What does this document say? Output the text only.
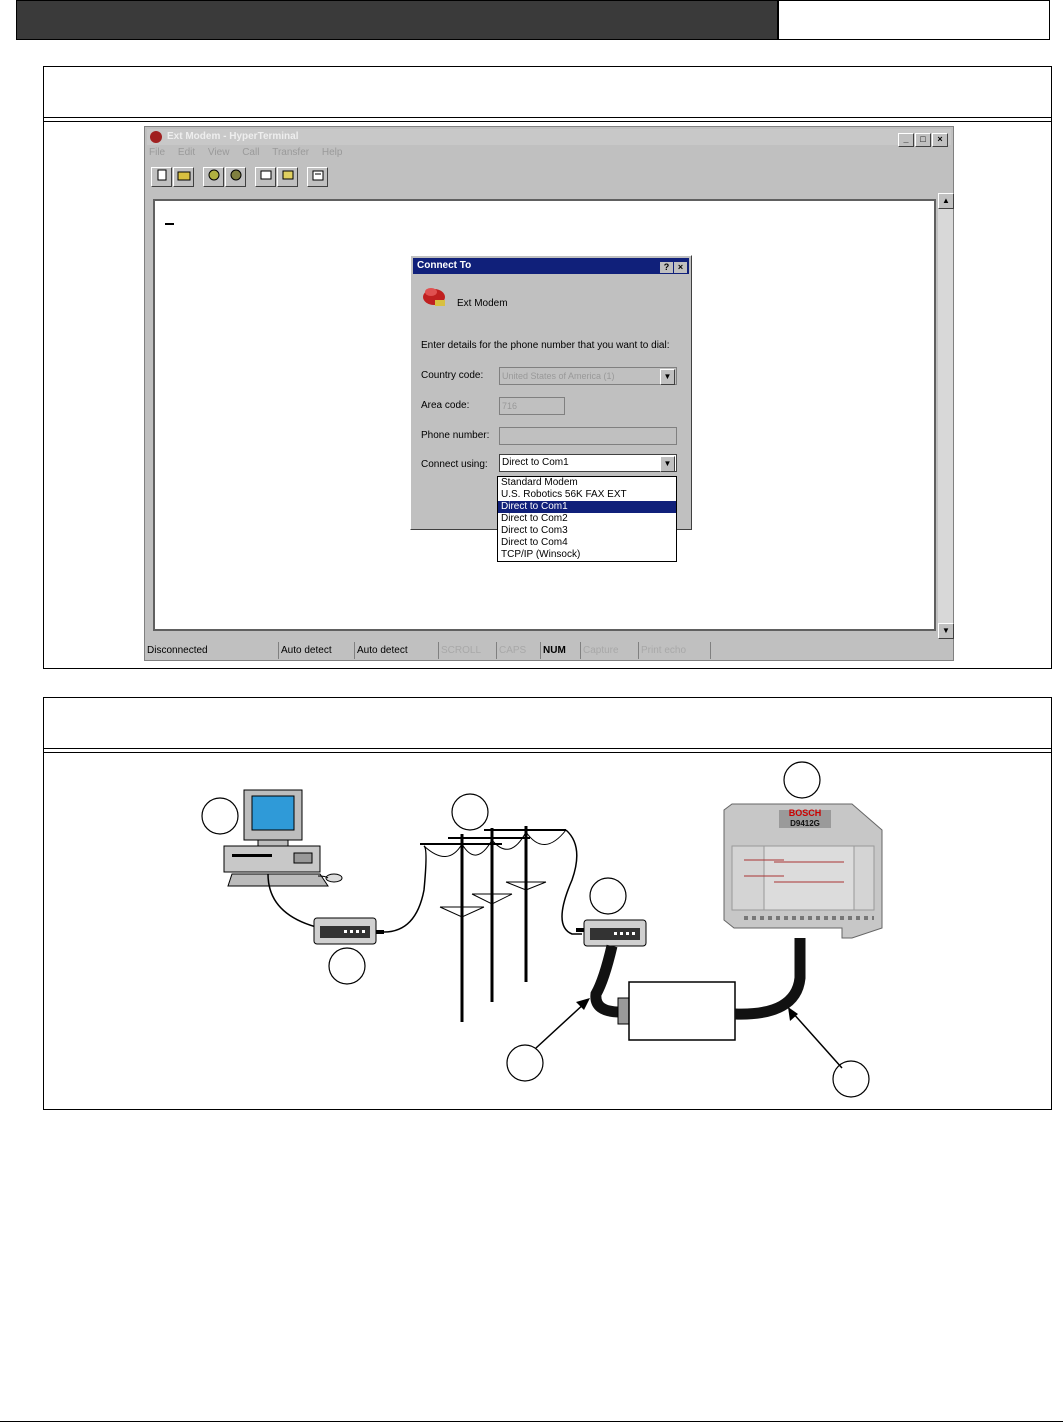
Ext Modem - HyperTerminal	_ □ ×
File Edit View Call Transfer Help
▲
▼
Connect To	? ×
Ext Modem
Enter details for the phone number that you want to dial:
Country code:	United States of America (1)	▼
Area code:	716
Phone number:
Connect using:	Direct to Com1	▼
Standard Modem
U.S. Robotics 56K FAX EXT
Direct to Com1
Direct to Com2
Direct to Com3
Direct to Com4
TCP/IP (Winsock)
Disconnected	Auto detect	Auto detect	SCROLL	CAPS	NUM	Capture	Print echo
BOSCH
D9412G
